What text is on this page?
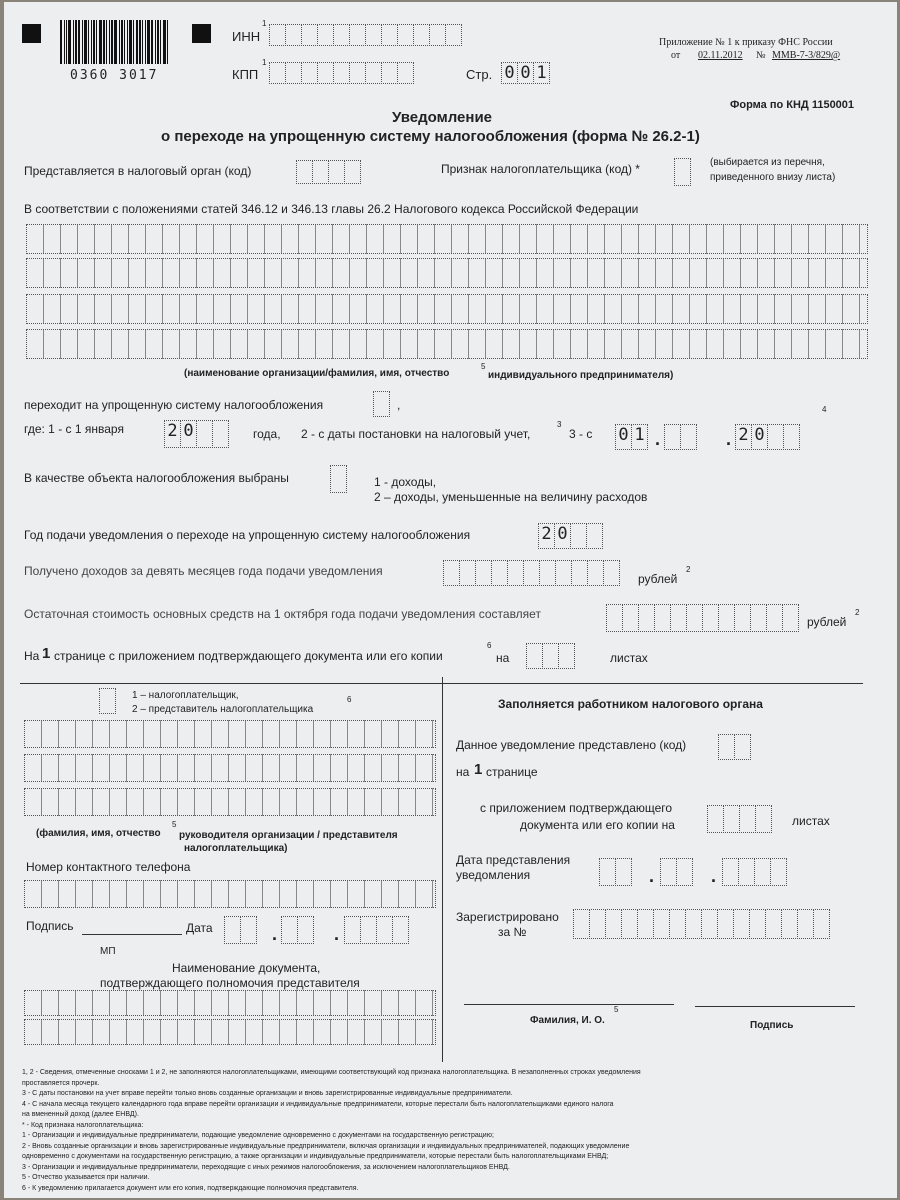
0360 3017
ИНН
1
КПП
1
Стр. 0 0 1
Приложение № 1 к приказу ФНС России
от 02.11.2012 № ММВ-7-3/829@
Форма по КНД 1150001
Уведомление
о переходе на упрощенную систему налогообложения (форма № 26.2-1)
Представляется в налоговый орган (код)	Признак налогоплательщика (код) *	(выбирается из перечня,
приведенного внизу листа)
В соответствии с положениями статей 346.12 и 346.13 главы 26.2 Налогового кодекса Российской Федерации
(наименование организации/фамилия, имя, отчество
5
индивидуального предпринимателя)
переходит на упрощенную систему налогообложения	,
где: 1 - с 1 января	2 0	года, 2 - с даты постановки на налоговый учет,
3
3 - с 0 1 .	. 2 0
4
В качестве объекта налогообложения выбраны	1 - доходы,
2 – доходы, уменьшенные на величину расходов
Год подачи уведомления о переходе на упрощенную систему налогообложения	2 0
Получено доходов за девять месяцев года подачи уведомления
рублей
2
Остаточная стоимость основных средств на 1 октября года подачи уведомления составляет
рублей
2
На 1 странице с приложением подтверждающего документа или его копии
6
на	листах
1 – налогоплательщик,
2 – представитель налогоплательщика
6
(фамилия, имя, отчество
5
руководителя организации / представителя
налогоплательщика)
Номер контактного телефона
Подпись	Дата	.	.
МП
Наименование документа,
подтверждающего полномочия представителя
Заполняется работником налогового органа
Данное уведомление представлено (код)
на 1 странице
с приложением подтверждающего
документа или его копии на	листах
Дата представления
уведомления	.	.
Зарегистрировано
за №
Фамилия, И. О.
5
Подпись
1, 2 - Сведения, отмеченные сносками 1 и 2, не заполняются налогоплательщиками, имеющими соответствующий код признака налогоплательщика. В незаполненных строках уведомления
проставляется прочерк.
3 - С даты постановки на учет вправе перейти только вновь созданные организации и вновь зарегистрированные индивидуальные предприниматели.
4 - С начала месяца текущего календарного года вправе перейти организации и индивидуальные предприниматели, которые перестали быть налогоплательщиками единого налога
на вмененный доход (далее ЕНВД).
* - Код признака налогоплательщика:
1 - Организации и индивидуальные предприниматели, подающие уведомление одновременно с документами на государственную регистрацию;
2 - Вновь созданные организации и вновь зарегистрированные индивидуальные предприниматели, включая организации и индивидуальных предпринимателей, подающих уведомление
одновременно с документами на государственную регистрацию, а также организации и индивидуальные предприниматели, которые перестали быть налогоплательщиками ЕНВД;
3 - Организации и индивидуальные предприниматели, переходящие с иных режимов налогообложения, за исключением налогоплательщиков ЕНВД.
5 - Отчество указывается при наличии.
6 - К уведомлению прилагается документ или его копия, подтверждающие полномочия представителя.
